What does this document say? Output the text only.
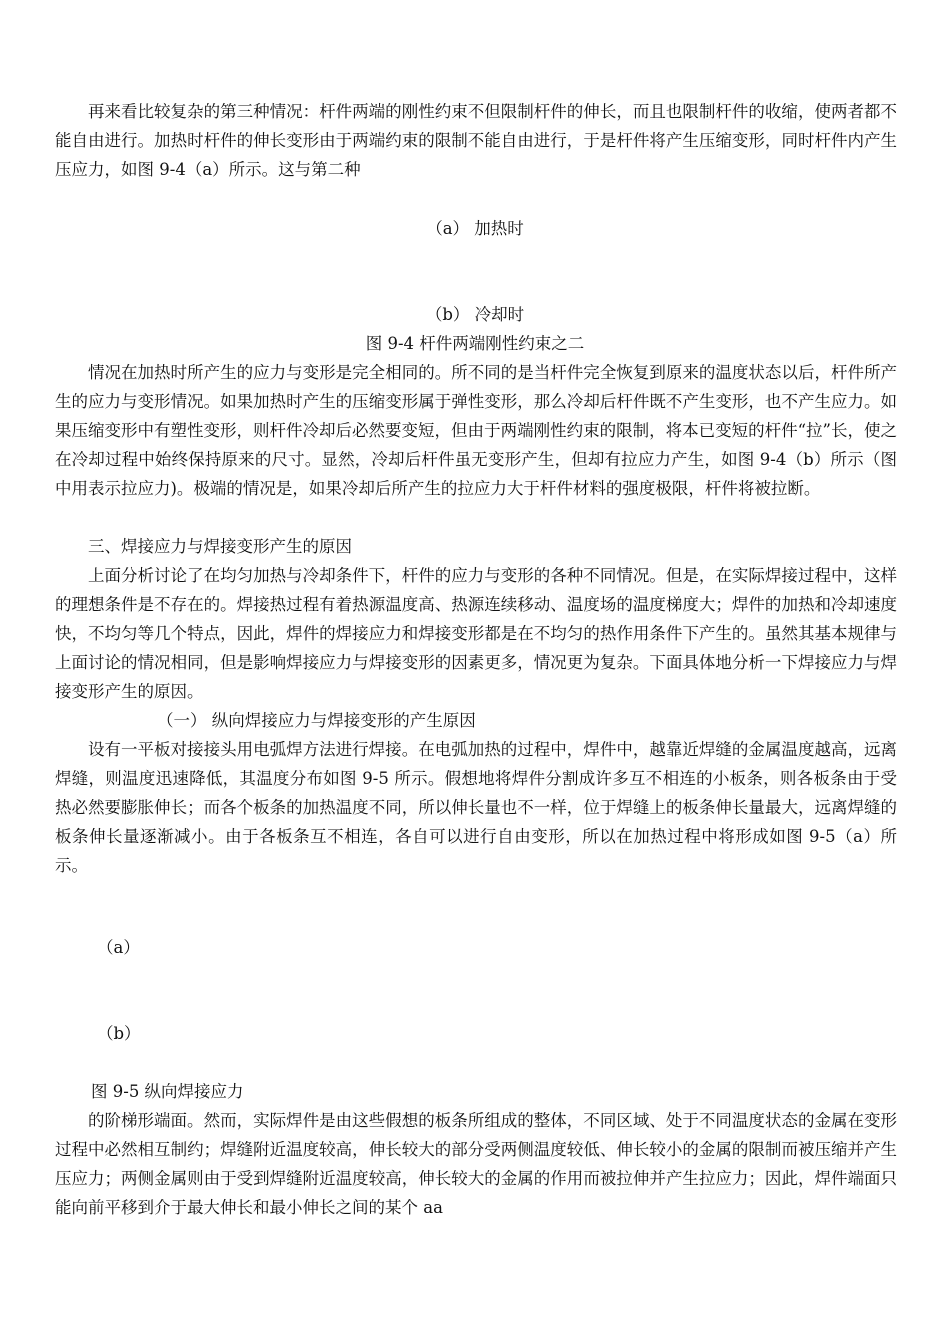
再来看比较复杂的第三种情况：杆件两端的刚性约束不但限制杆件的伸长，而且也限制杆件的收缩，使两者都不能自由进行。加热时杆件的伸长变形由于两端约束的限制不能自由进行，于是杆件将产生压缩变形，同时杆件内产生压应力，如图 9-4（a）所示。这与第二种

（a） 加热时

（b） 冷却时

图 9-4 杆件两端刚性约束之二

情况在加热时所产生的应力与变形是完全相同的。所不同的是当杆件完全恢复到原来的温度状态以后，杆件所产生的应力与变形情况。如果加热时产生的压缩变形属于弹性变形，那么冷却后杆件既不产生变形，也不产生应力。如果压缩变形中有塑性变形，则杆件冷却后必然要变短，但由于两端刚性约束的限制，将本已变短的杆件“拉”长，使之在冷却过程中始终保持原来的尺寸。显然，冷却后杆件虽无变形产生，但却有拉应力产生，如图 9-4（b）所示（图中用表示拉应力)。极端的情况是，如果冷却后所产生的拉应力大于杆件材料的强度极限，杆件将被拉断。

三、焊接应力与焊接变形产生的原因

上面分析讨论了在均匀加热与冷却条件下，杆件的应力与变形的各种不同情况。但是，在实际焊接过程中，这样的理想条件是不存在的。焊接热过程有着热源温度高、热源连续移动、温度场的温度梯度大；焊件的加热和冷却速度快，不均匀等几个特点，因此，焊件的焊接应力和焊接变形都是在不均匀的热作用条件下产生的。虽然其基本规律与上面讨论的情况相同，但是影响焊接应力与焊接变形的因素更多，情况更为复杂。下面具体地分析一下焊接应力与焊接变形产生的原因。

（一） 纵向焊接应力与焊接变形的产生原因

设有一平板对接接头用电弧焊方法进行焊接。在电弧加热的过程中，焊件中，越靠近焊缝的金属温度越高，远离焊缝，则温度迅速降低，其温度分布如图 9-5 所示。假想地将焊件分割成许多互不相连的小板条，则各板条由于受热必然要膨胀伸长；而各个板条的加热温度不同，所以伸长量也不一样，位于焊缝上的板条伸长量最大，远离焊缝的板条伸长量逐渐减小。由于各板条互不相连，各自可以进行自由变形，所以在加热过程中将形成如图 9-5（a）所示。

（a）

（b）

图 9-5 纵向焊接应力

的阶梯形端面。然而，实际焊件是由这些假想的板条所组成的整体，不同区域、处于不同温度状态的金属在变形过程中必然相互制约；焊缝附近温度较高，伸长较大的部分受两侧温度较低、伸长较小的金属的限制而被压缩并产生压应力；两侧金属则由于受到焊缝附近温度较高，伸长较大的金属的作用而被拉伸并产生拉应力；因此，焊件端面只能向前平移到介于最大伸长和最小伸长之间的某个 aa
